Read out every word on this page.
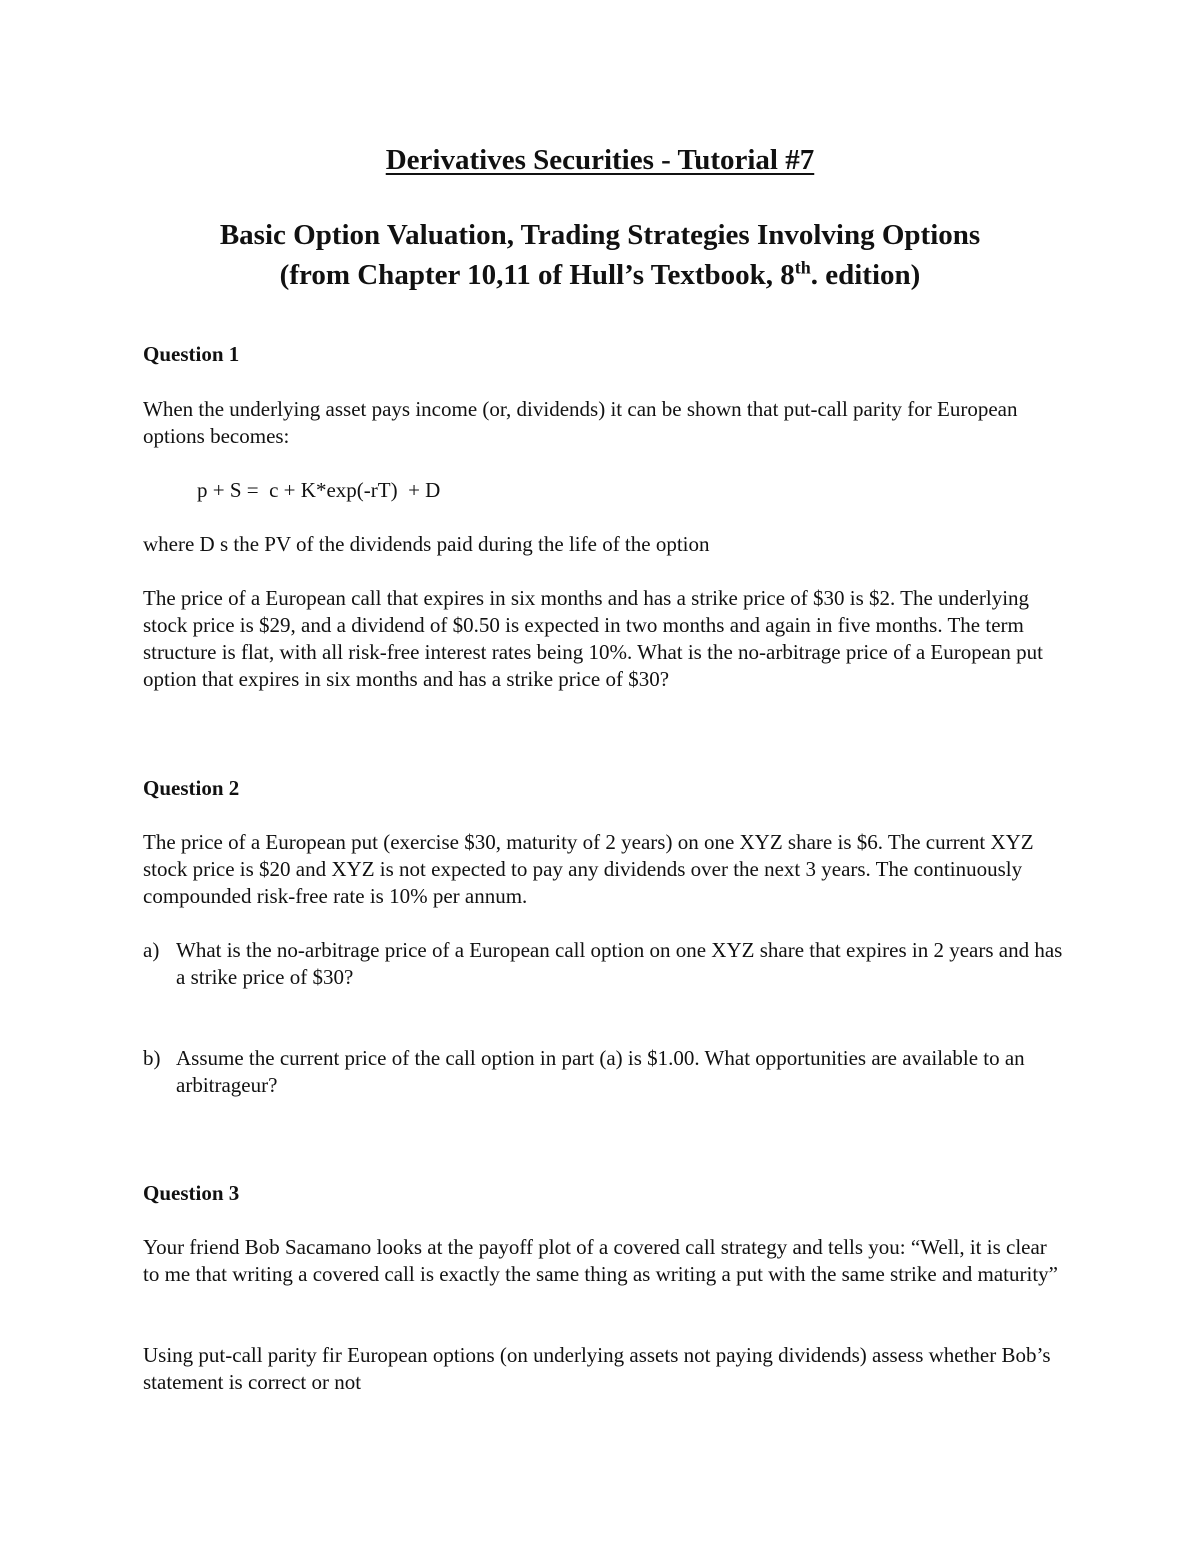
Derivatives Securities - Tutorial #7
Basic Option Valuation, Trading Strategies Involving Options
(from Chapter 10,11 of Hull’s Textbook, 8th. edition)
Question 1
When the underlying asset pays income (or, dividends) it can be shown that put-call parity for European options becomes:
p + S =  c + K*exp(-rT)  + D
where D s the PV of the dividends paid during the life of the option
The price of a European call that expires in six months and has a strike price of $30 is $2. The underlying stock price is $29, and a dividend of $0.50 is expected in two months and again in five months. The term structure is flat, with all risk-free interest rates being 10%. What is the no-arbitrage price of a European put option that expires in six months and has a strike price of $30?
Question 2
The price of a European put (exercise $30, maturity of 2 years) on one XYZ share is $6. The current XYZ stock price is $20 and XYZ is not expected to pay any dividends over the next 3 years. The continuously compounded risk-free rate is 10% per annum.
a) What is the no-arbitrage price of a European call option on one XYZ share that expires in 2 years and has a strike price of $30?
b) Assume the current price of the call option in part (a) is $1.00. What opportunities are available to an arbitrageur?
Question 3
Your friend Bob Sacamano looks at the payoff plot of a covered call strategy and tells you: “Well, it is clear to me that writing a covered call is exactly the same thing as writing a put with the same strike and maturity”
Using put-call parity fir European options (on underlying assets not paying dividends) assess whether Bob’s statement is correct or not
